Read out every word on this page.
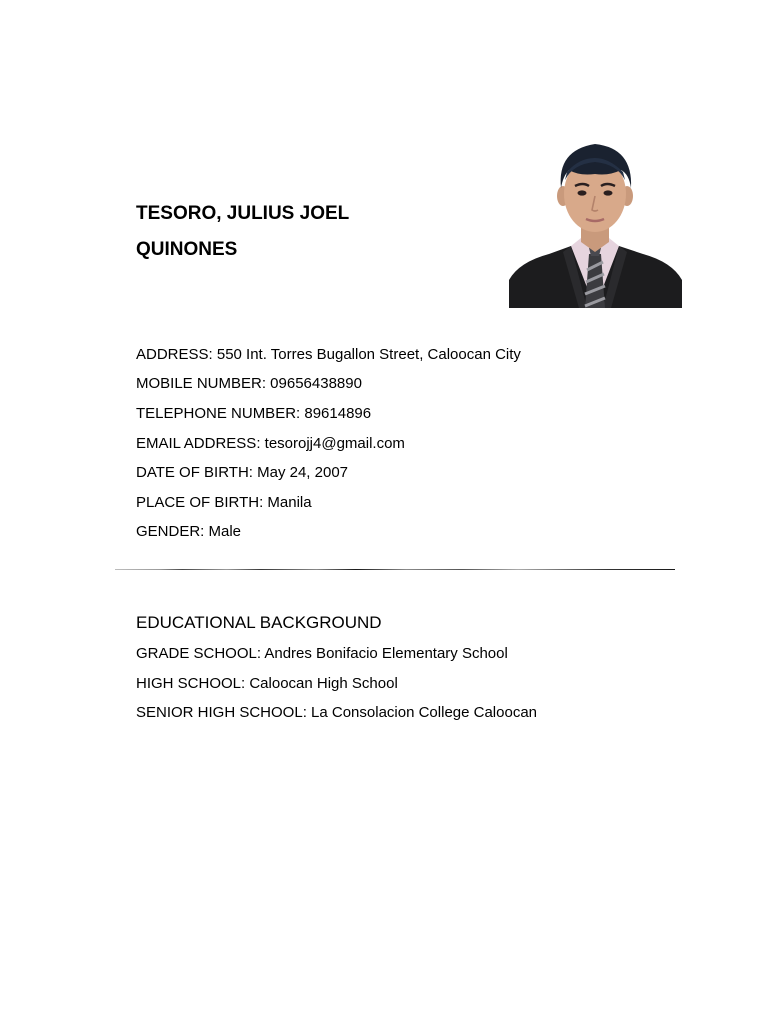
TESORO, JULIUS JOEL
QUINONES
ADDRESS: 550 Int. Torres Bugallon Street, Caloocan City
MOBILE NUMBER: 09656438890
TELEPHONE NUMBER: 89614896
EMAIL ADDRESS: tesorojj4@gmail.com
DATE OF BIRTH: May 24, 2007
PLACE OF BIRTH: Manila
GENDER: Male
EDUCATIONAL BACKGROUND
GRADE SCHOOL: Andres Bonifacio Elementary School
HIGH SCHOOL: Caloocan High School
SENIOR HIGH SCHOOL: La Consolacion College Caloocan
